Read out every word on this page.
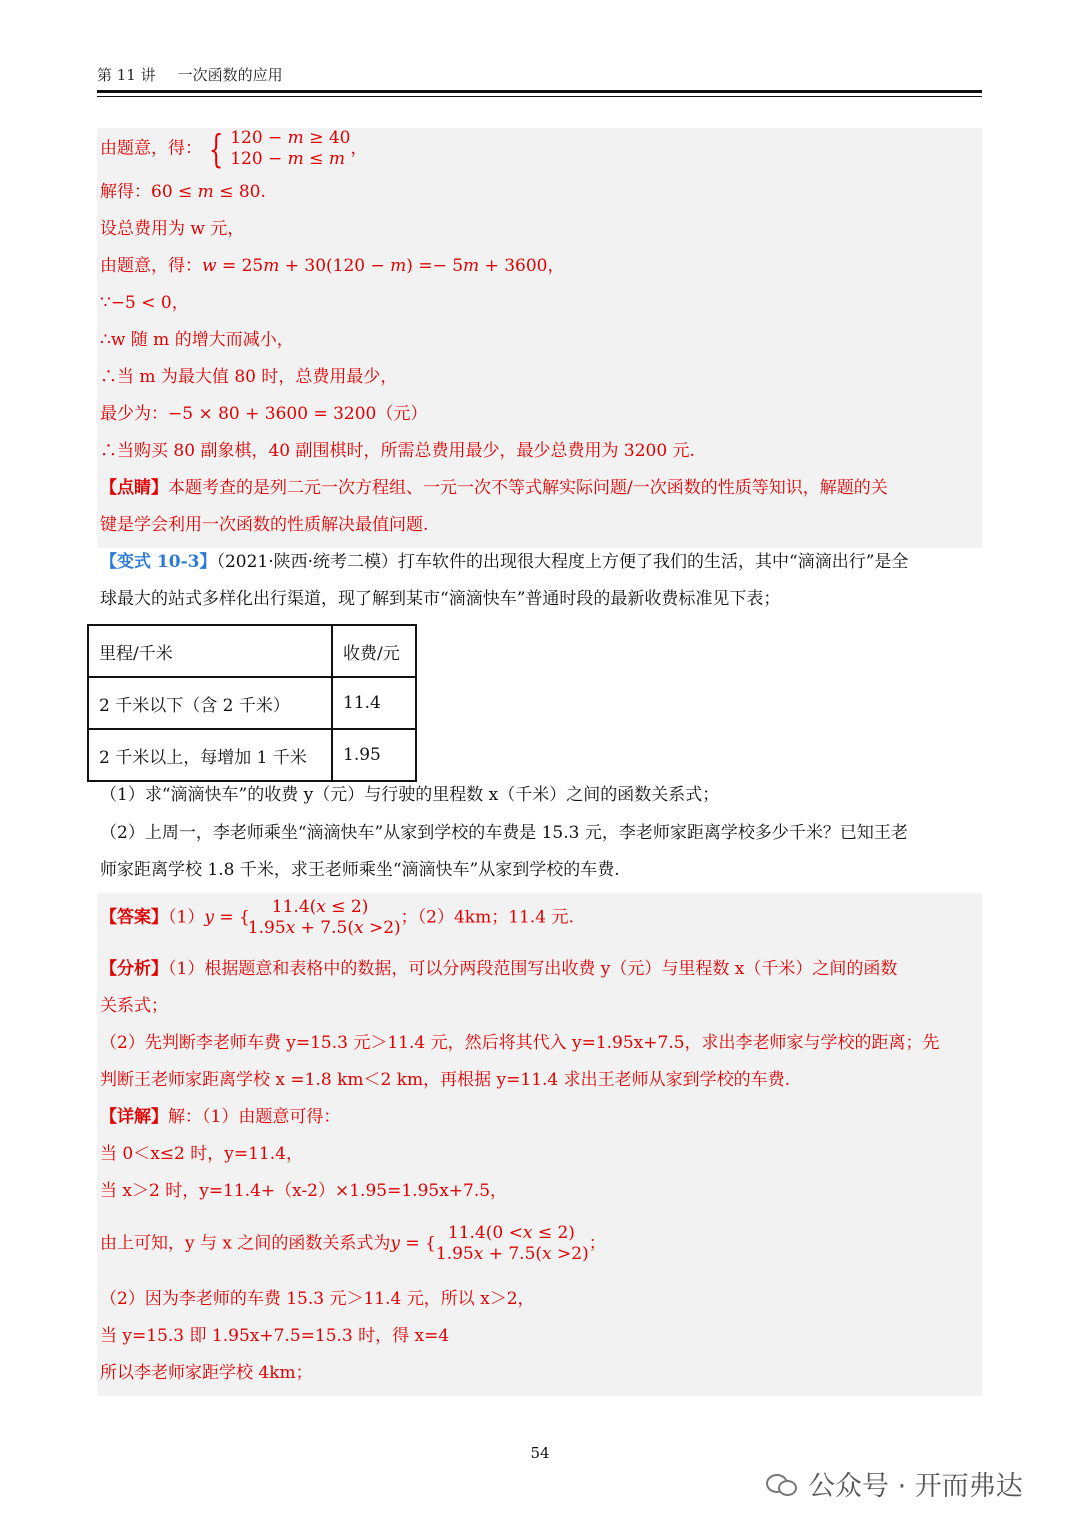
第 11 讲 一次函数的应用
由题意，得： { 120 − 𝑚 ≥ 40
120 − 𝑚 ≤ 𝑚
，
解得：60 ≤ 𝑚 ≤ 80.
设总费用为 w 元，
由题意，得：𝑤 = 25𝑚 + 30(120 − 𝑚) =− 5𝑚 + 3600，
∵−5 < 0，
∴w 随 m 的增大而减小，
∴当 m 为最大值 80 时，总费用最少，
最少为：−5 × 80 + 3600 = 3200（元）
∴当购买 80 副象棋，40 副围棋时，所需总费用最少，最少总费用为 3200 元.
【点睛】本题考查的是列二元一次方程组、一元一次不等式解实际问题/一次函数的性质等知识，解题的关
键是学会利用一次函数的性质解决最值问题.
【变式 10-3】（2021·陕西·统考二模）打车软件的出现很大程度上方便了我们的生活，其中“滴滴出行”是全
球最大的站式多样化出行渠道，现了解到某市“滴滴快车”普通时段的最新收费标准见下表；
里程/千米	收费/元
2 千米以下（含 2 千米）	11.4
2 千米以上，每增加 1 千米	1.95
（1）求“滴滴快车”的收费 y（元）与行驶的里程数 x（千米）之间的函数关系式；
（2）上周一，李老师乘坐“滴滴快车”从家到学校的车费是 15.3 元，李老师家距离学校多少千米？已知王老
师家距离学校 1.8 千米，求王老师乘坐“滴滴快车”从家到学校的车费.
【答案】（1）𝑦 = {
11.4(𝑥 ≤ 2)
1.95𝑥 + 7.5(𝑥 >2)
；（2）4km；11.4 元.
【分析】（1）根据题意和表格中的数据，可以分两段范围写出收费 y（元）与里程数 x（千米）之间的函数
关系式；
（2）先判断李老师车费 y=15.3 元＞11.4 元，然后将其代入 y=1.95x+7.5，求出李老师家与学校的距离；先
判断王老师家距离学校 x =1.8 km＜2 km，再根据 y=11.4 求出王老师从家到学校的车费.
【详解】解：（1）由题意可得：
当 0＜x≤2 时，y=11.4，
当 x＞2 时，y=11.4+（x-2）×1.95=1.95x+7.5，
由上可知，y 与 x 之间的函数关系式为𝑦 = {
11.4(0 <𝑥 ≤ 2)
1.95𝑥 + 7.5(𝑥 >2)
；
（2）因为李老师的车费 15.3 元＞11.4 元，所以 x＞2，
当 y=15.3 即 1.95x+7.5=15.3 时，得 x=4
所以李老师家距学校 4km；
54
公众号 · 开而弗达
